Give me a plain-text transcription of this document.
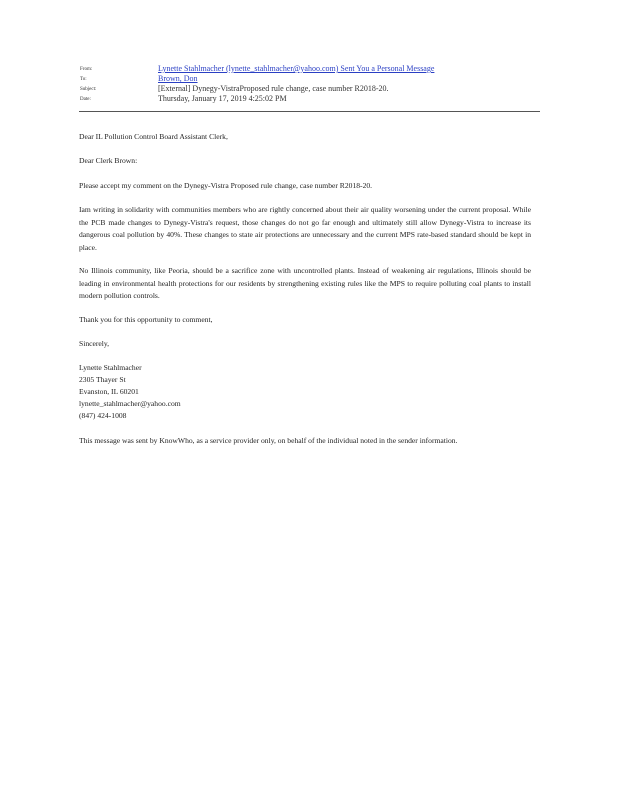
From:	Lynette Stahlmacher (lynette_stahlmacher@yahoo.com) Sent You a Personal Message
To:	Brown, Don
Subject:	[External] Dynegy-VistraProposed rule change, case number R2018-20.
Date:	Thursday, January 17, 2019 4:25:02 PM
Dear IL Pollution Control Board Assistant Clerk,
Dear Clerk Brown:
Please accept my comment on the Dynegy-Vistra Proposed rule change, case number R2018-20.
Iam writing in solidarity with communities members who are rightly concerned about their air quality worsening under the current proposal. While the PCB made changes to Dynegy-Vistra's request, those changes do not go far enough and ultimately still allow Dynegy-Vistra to increase its dangerous coal pollution by 40%. These changes to state air protections are unnecessary and the current MPS rate-based standard should be kept in place.
No Illinois community, like Peoria, should be a sacrifice zone with uncontrolled plants. Instead of weakening air regulations, Illinois should be leading in environmental health protections for our residents by strengthening existing rules like the MPS to require polluting coal plants to install modern pollution controls.
Thank you for this opportunity to comment,
Sincerely,
Lynette Stahlmacher
2305 Thayer St
Evanston, IL 60201
lynette_stahlmacher@yahoo.com
(847) 424-1008
This message was sent by KnowWho, as a service provider only, on behalf of the individual noted in the sender information.
